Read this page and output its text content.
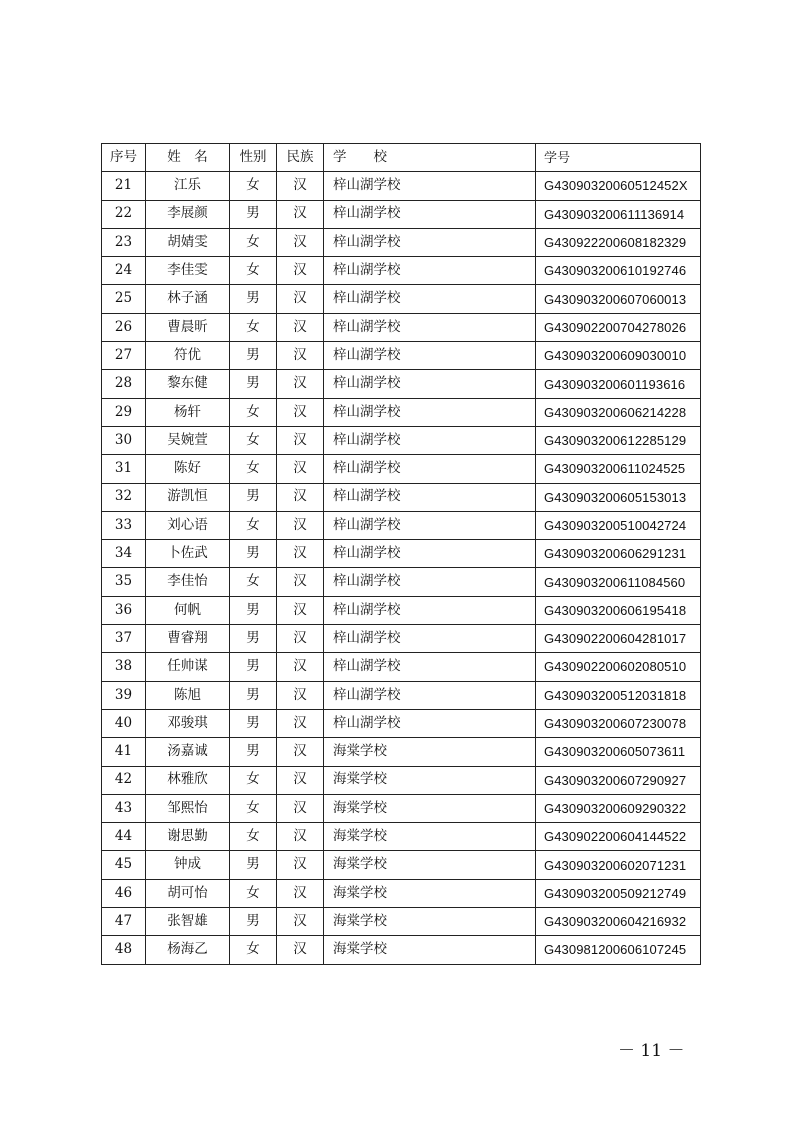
序号	姓　名	性别	民族	学　　校	学号
21	江乐	女	汉	梓山湖学校	G43090320060512452X
22	李展颜	男	汉	梓山湖学校	G430903200611136914
23	胡婧雯	女	汉	梓山湖学校	G430922200608182329
24	李佳雯	女	汉	梓山湖学校	G430903200610192746
25	林子涵	男	汉	梓山湖学校	G430903200607060013
26	曹晨昕	女	汉	梓山湖学校	G430902200704278026
27	符优	男	汉	梓山湖学校	G430903200609030010
28	黎东健	男	汉	梓山湖学校	G430903200601193616
29	杨轩	女	汉	梓山湖学校	G430903200606214228
30	吴婉萱	女	汉	梓山湖学校	G430903200612285129
31	陈好	女	汉	梓山湖学校	G430903200611024525
32	游凯恒	男	汉	梓山湖学校	G430903200605153013
33	刘心语	女	汉	梓山湖学校	G430903200510042724
34	卜佐武	男	汉	梓山湖学校	G430903200606291231
35	李佳怡	女	汉	梓山湖学校	G430903200611084560
36	何帆	男	汉	梓山湖学校	G430903200606195418
37	曹睿翔	男	汉	梓山湖学校	G430902200604281017
38	任帅谋	男	汉	梓山湖学校	G430902200602080510
39	陈旭	男	汉	梓山湖学校	G430903200512031818
40	邓骏琪	男	汉	梓山湖学校	G430903200607230078
41	汤嘉诚	男	汉	海棠学校	G430903200605073611
42	林雅欣	女	汉	海棠学校	G430903200607290927
43	邹熙怡	女	汉	海棠学校	G430903200609290322
44	谢思勤	女	汉	海棠学校	G430902200604144522
45	钟成	男	汉	海棠学校	G430903200602071231
46	胡可怡	女	汉	海棠学校	G430903200509212749
47	张智雄	男	汉	海棠学校	G430903200604216932
48	杨海乙	女	汉	海棠学校	G430981200606107245
－ 11 －
